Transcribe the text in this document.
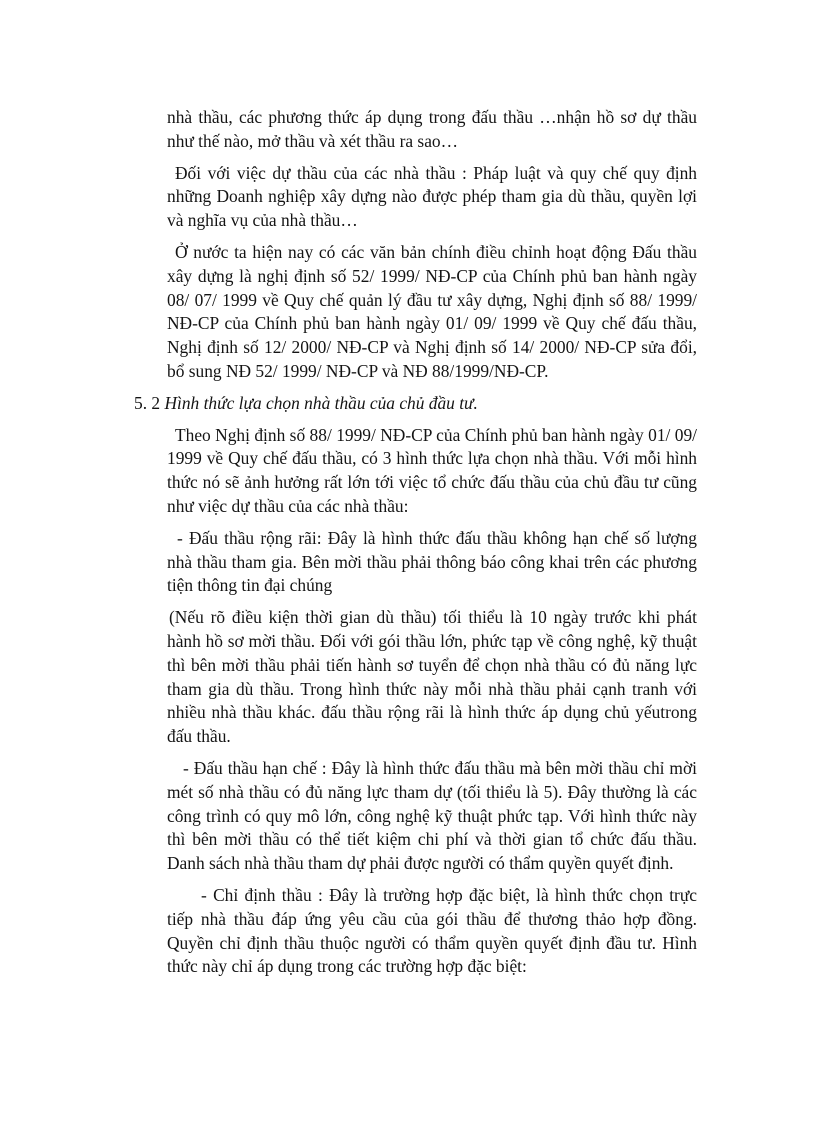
nhà thầu, các phương thức áp dụng trong đấu thầu …nhận hồ sơ dự thầu như thế nào, mở thầu và xét thầu ra sao…

Đối với việc dự thầu của các nhà thầu : Pháp luật và quy chế quy định những Doanh nghiệp xây dựng nào được phép tham gia dù thầu, quyền lợi và nghĩa vụ của nhà thầu…

Ở nước ta hiện nay có các văn bản chính điều chỉnh hoạt động Đấu thầu xây dựng là nghị định số 52/ 1999/ NĐ-CP của Chính phủ ban hành ngày 08/ 07/ 1999 về Quy chế quản lý đầu tư xây dựng, Nghị định số 88/ 1999/ NĐ-CP của Chính phủ ban hành ngày 01/ 09/ 1999 về Quy chế đấu thầu, Nghị định số 12/ 2000/ NĐ-CP và Nghị định số 14/ 2000/ NĐ-CP sửa đổi, bổ sung NĐ 52/ 1999/ NĐ-CP và NĐ 88/1999/NĐ-CP.

5. 2 Hình thức lựa chọn nhà thầu của chủ đầu tư.

Theo Nghị định số 88/ 1999/ NĐ-CP của Chính phủ ban hành ngày 01/ 09/ 1999 về Quy chế đấu thầu, có 3 hình thức lựa chọn nhà thầu. Với mỗi hình thức nó sẽ ảnh hưởng rất lớn tới việc tổ chức đấu thầu của chủ đầu tư cũng như việc dự thầu của các nhà thầu:

- Đấu thầu rộng rãi: Đây là hình thức đấu thầu không hạn chế số lượng nhà thầu tham gia. Bên mời thầu phải thông báo công khai trên các phương tiện thông tin đại chúng

(Nếu rõ điều kiện thời gian dù thầu) tối thiểu là 10 ngày trước khi phát hành hồ sơ mời thầu. Đối với gói thầu lớn, phức tạp về công nghệ, kỹ thuật thì bên mời thầu phải tiến hành sơ tuyển để chọn nhà thầu có đủ năng lực tham gia dù thầu. Trong hình thức này mỗi nhà thầu phải cạnh tranh với nhiều nhà thầu khác. đấu thầu rộng rãi là hình thức áp dụng chủ yếutrong đấu thầu.

- Đấu thầu hạn chế : Đây là hình thức đấu thầu mà bên mời thầu chỉ mời mét số nhà thầu có đủ năng lực tham dự (tối thiểu là 5). Đây thường là các công trình có quy mô lớn, công nghệ kỹ thuật phức tạp. Với hình thức này thì bên mời thầu có thể tiết kiệm chi phí và thời gian tổ chức đấu thầu. Danh sách nhà thầu tham dự phải được người có thẩm quyền quyết định.

- Chỉ định thầu : Đây là trường hợp đặc biệt, là hình thức chọn trực tiếp nhà thầu đáp ứng yêu cầu của gói thầu để thương thảo hợp đồng. Quyền chỉ định thầu thuộc người có thẩm quyền quyết định đầu tư. Hình thức này chỉ áp dụng trong các trường hợp đặc biệt:
